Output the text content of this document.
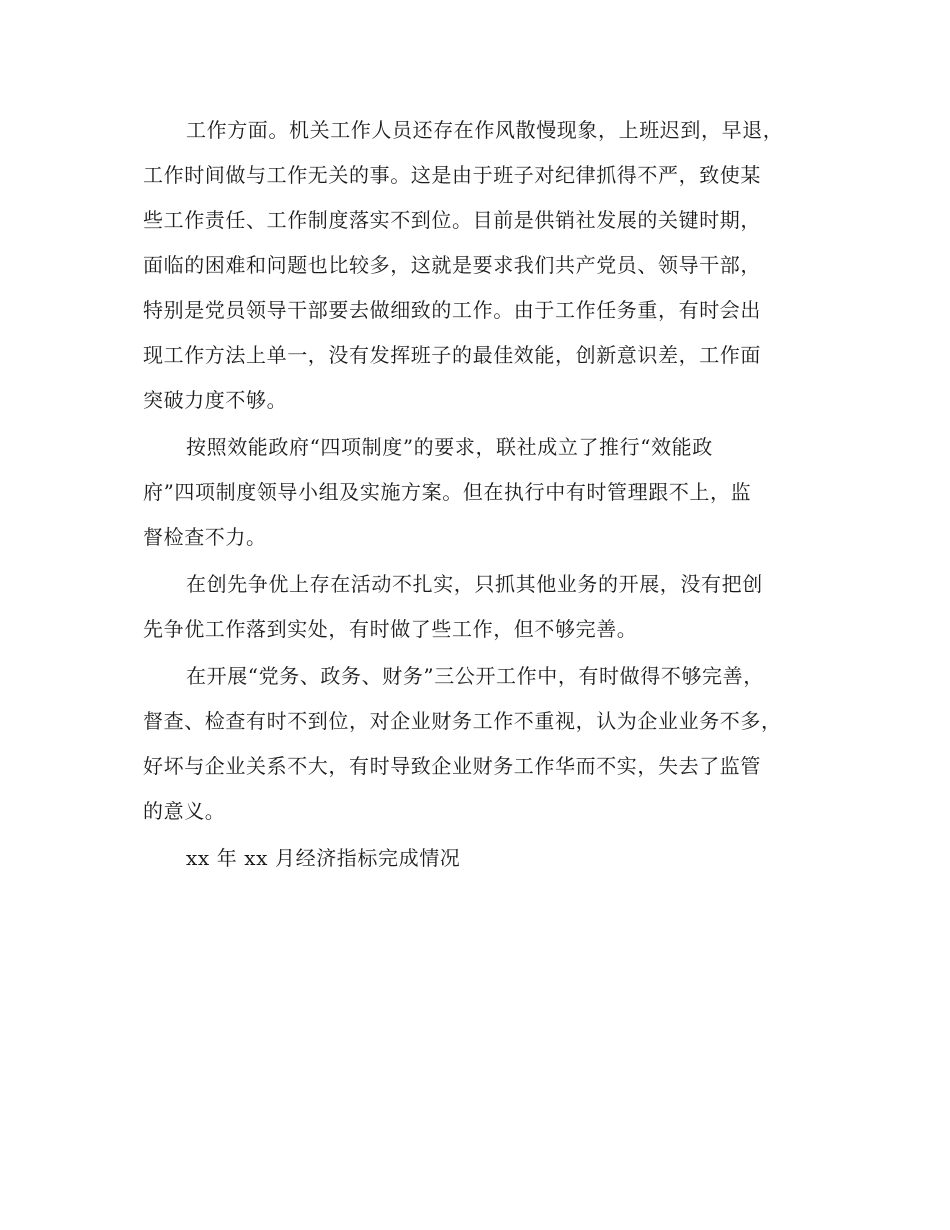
工作方面。机关工作人员还存在作风散慢现象，上班迟到，早退，
工作时间做与工作无关的事。这是由于班子对纪律抓得不严，致使某
些工作责任、工作制度落实不到位。目前是供销社发展的关键时期，
面临的困难和问题也比较多，这就是要求我们共产党员、领导干部，
特别是党员领导干部要去做细致的工作。由于工作任务重，有时会出
现工作方法上单一，没有发挥班子的最佳效能，创新意识差，工作面
突破力度不够。
按照效能政府“四项制度”的要求，联社成立了推行“效能政
府”四项制度领导小组及实施方案。但在执行中有时管理跟不上，监
督检查不力。
在创先争优上存在活动不扎实，只抓其他业务的开展，没有把创
先争优工作落到实处，有时做了些工作，但不够完善。
在开展“党务、政务、财务”三公开工作中，有时做得不够完善，
督查、检查有时不到位，对企业财务工作不重视，认为企业业务不多，
好坏与企业关系不大，有时导致企业财务工作华而不实，失去了监管
的意义。
xx 年 xx 月经济指标完成情况
